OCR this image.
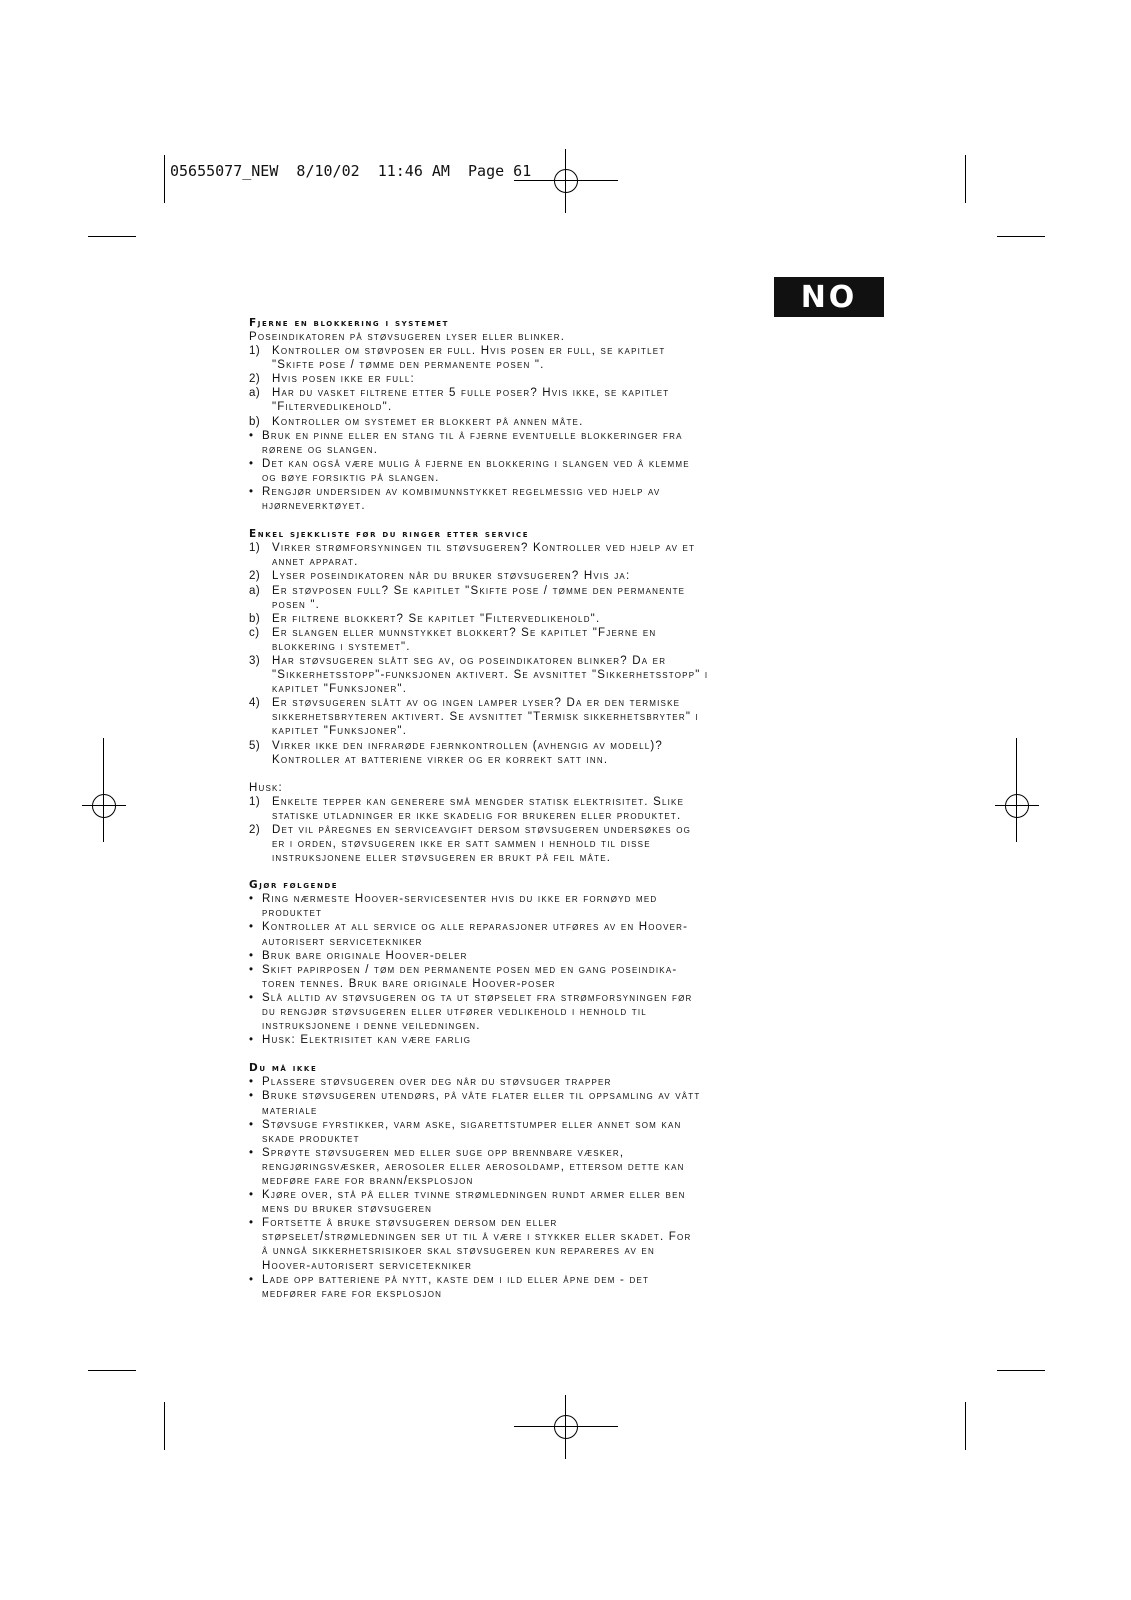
05655077_NEW  8/10/02  11:46 AM  Page 61
NO
Fjerne en blokkering i systemet
Poseindikatoren på støvsugeren lyser eller blinker.
1)	Kontroller om støvposen er full. Hvis posen er full, se kapitlet
"Skifte pose / tømme den permanente posen ".
2)	Hvis posen ikke er full:
a)	Har du vasket filtrene etter 5 fulle poser? Hvis ikke, se kapitlet
"Filtervedlikehold".
b)	Kontroller om systemet er blokkert på annen måte.
• Bruk en pinne eller en stang til å fjerne eventuelle blokkeringer fra
rørene og slangen.
• Det kan også være mulig å fjerne en blokkering i slangen ved å klemme
og bøye forsiktig på slangen.
• Rengjør undersiden av kombimunnstykket regelmessig ved hjelp av
hjørneverktøyet.
Enkel sjekkliste før du ringer etter service
1)	Virker strømforsyningen til støvsugeren? Kontroller ved hjelp av et
annet apparat.
2)	Lyser poseindikatoren når du bruker støvsugeren? Hvis ja:
a)	Er støvposen full? Se kapitlet "Skifte pose / tømme den permanente
posen ".
b)	Er filtrene blokkert? Se kapitlet "Filtervedlikehold".
c)	Er slangen eller munnstykket blokkert? Se kapitlet "Fjerne en
blokkering i systemet".
3)	Har støvsugeren slått seg av, og poseindikatoren blinker? Da er
"Sikkerhetsstopp"-funksjonen aktivert. Se avsnittet "Sikkerhetsstopp" i
kapitlet "Funksjoner".
4)	Er støvsugeren slått av og ingen lamper lyser? Da er den termiske
sikkerhetsbryteren aktivert. Se avsnittet "Termisk sikkerhetsbryter" i
kapitlet "Funksjoner".
5)	Virker ikke den infrarøde fjernkontrollen (avhengig av modell)?
Kontroller at batteriene virker og er korrekt satt inn.
Husk:
1)	Enkelte tepper kan generere små mengder statisk elektrisitet. Slike
statiske utladninger er ikke skadelig for brukeren eller produktet.
2)	Det vil påregnes en serviceavgift dersom støvsugeren undersøkes og
er i orden, støvsugeren ikke er satt sammen i henhold til disse
instruksjonene eller støvsugeren er brukt på feil måte.
Gjør følgende
• Ring nærmeste Hoover-servicesenter hvis du ikke er fornøyd med
produktet
• Kontroller at all service og alle reparasjoner utføres av en Hoover-
autorisert servicetekniker
• Bruk bare originale Hoover-deler
• Skift papirposen / tøm den permanente posen med en gang poseindika-
toren tennes. Bruk bare originale Hoover-poser
• Slå alltid av støvsugeren og ta ut støpselet fra strømforsyningen før
du rengjør støvsugeren eller utfører vedlikehold i henhold til
instruksjonene i denne veiledningen.
• Husk: Elektrisitet kan være farlig
Du må ikke
• Plassere støvsugeren over deg når du støvsuger trapper
• Bruke støvsugeren utendørs, på våte flater eller til oppsamling av vått
materiale
• Støvsuge fyrstikker, varm aske, sigarettstumper eller annet som kan
skade produktet
• Sprøyte støvsugeren med eller suge opp brennbare væsker,
rengjøringsvæsker, aerosoler eller aerosoldamp, ettersom dette kan
medføre fare for brann/eksplosjon
• Kjøre over, stå på eller tvinne strømledningen rundt armer eller ben
mens du bruker støvsugeren
• Fortsette å bruke støvsugeren dersom den eller
støpselet/strømledningen ser ut til å være i stykker eller skadet. For
å unngå sikkerhetsrisikoer skal støvsugeren kun repareres av en
Hoover-autorisert servicetekniker
• Lade opp batteriene på nytt, kaste dem i ild eller åpne dem - det
medfører fare for eksplosjon
